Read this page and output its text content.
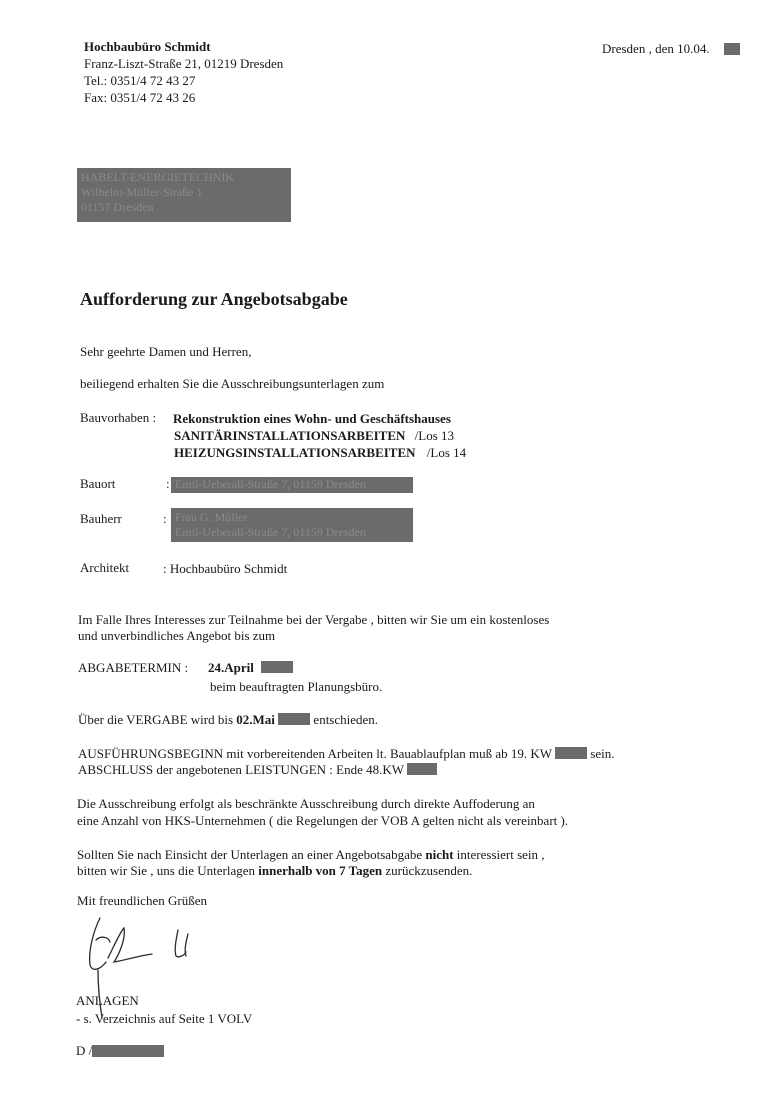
Hochbaubüro Schmidt
Franz-Liszt-Straße 21, 01219 Dresden
Tel.: 0351/4 72 43 27
Fax: 0351/4 72 43 26
Dresden , den 10.04.
HABELT-ENERGIETECHNIK
Wilhelm-Müller-Straße 1
01157 Dresden
Aufforderung zur Angebotsabgabe
Sehr geehrte Damen und Herren,
beiliegend erhalten Sie die Ausschreibungsunterlagen zum
Bauvorhaben : Rekonstruktion eines Wohn- und Geschäftshauses
SANITÄRINSTALLATIONSARBEITEN /Los 13
HEIZUNGSINSTALLATIONSARBEITEN /Los 14
Bauort	: Emil-Ueberall-Straße 7, 01159 Dresden
Bauherr	: Frau G. Müller
Emil-Ueberall-Straße 7, 01159 Dresden
Architekt	: Hochbaubüro Schmidt
Im Falle Ihres Interesses zur Teilnahme bei der Vergabe , bitten wir Sie um ein kostenloses
und unverbindliches Angebot bis zum
ABGABETERMIN : 24.April
beim beauftragten Planungsbüro.
Über die VERGABE wird bis 02.Mai	entschieden.
AUSFÜHRUNGSBEGINN mit vorbereitenden Arbeiten lt. Bauablaufplan muß ab 19. KW	sein.
ABSCHLUSS der angebotenen LEISTUNGEN : Ende 48.KW
Die Ausschreibung erfolgt als beschränkte Ausschreibung durch direkte Auffoderung an
eine Anzahl von HKS-Unternehmen ( die Regelungen der VOB A gelten nicht als vereinbart ).
Sollten Sie nach Einsicht der Unterlagen an einer Angebotsabgabe nicht interessiert sein ,
bitten wir Sie , uns die Unterlagen innerhalb von 7 Tagen zurückzusenden.
Mit freundlichen Grüßen
ANLAGEN
- s. Verzeichnis auf Seite 1 VOLV
D /
